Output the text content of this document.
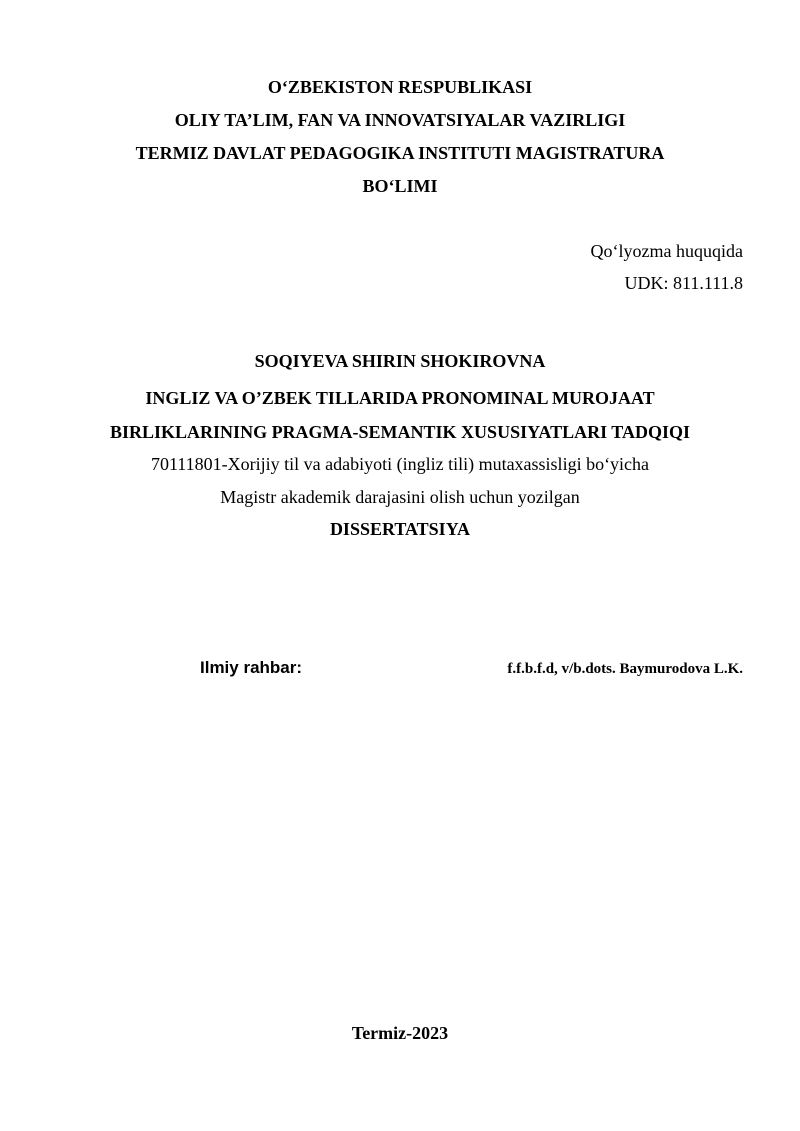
O‘ZBEKISTON RESPUBLIKASI
OLIY TA’LIM, FAN VA INNOVATSIYALAR VAZIRLIGI
TERMIZ DAVLAT PEDAGOGIKA INSTITUTI MAGISTRATURA
BO‘LIMI
Qo‘lyozma huquqida
UDK: 811.111.8
SOQIYEVA SHIRIN SHOKIROVNA
INGLIZ VA O’ZBEK TILLARIDA PRONOMINAL MUROJAAT
BIRLIKLARINING PRAGMA-SEMANTIK XUSUSIYATLARI TADQIQI
70111801-Xorijiy til va adabiyoti (ingliz tili) mutaxassisligi bo‘yicha
Magistr akademik darajasini olish uchun yozilgan
DISSERTATSIYA
Ilmiy rahbar:	f.f.b.f.d, v/b.dots. Baymurodova L.K.
Termiz-2023
